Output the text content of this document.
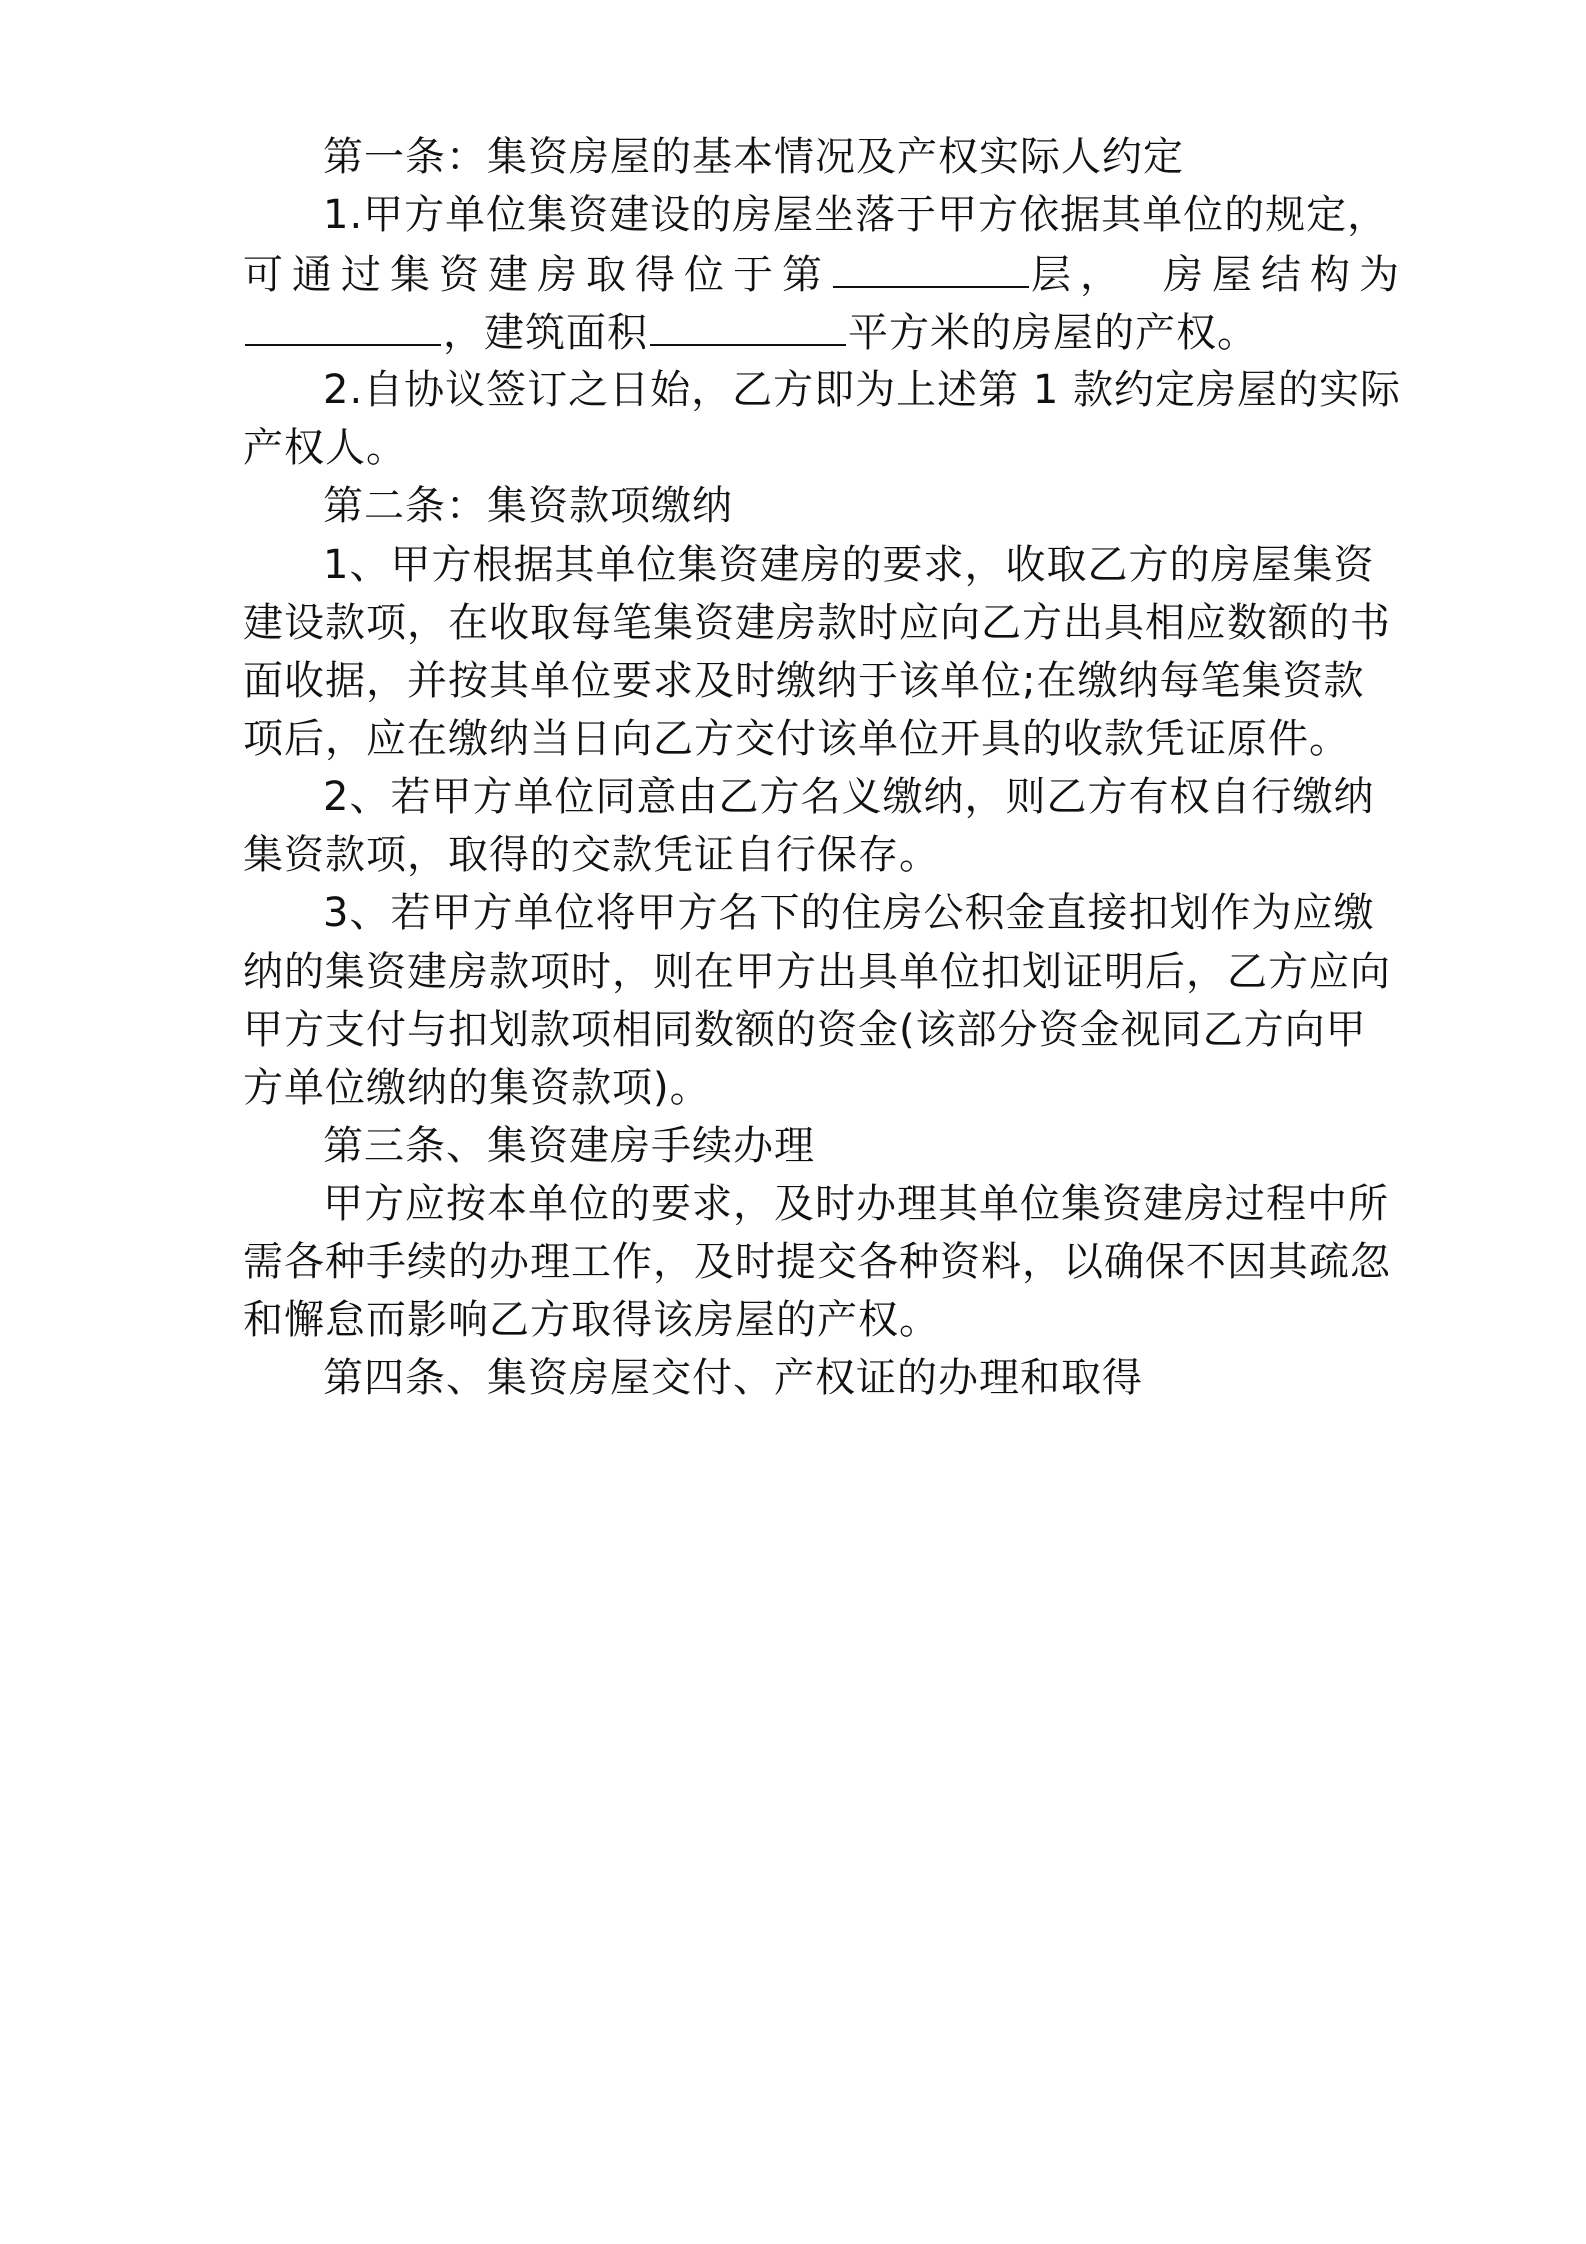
第一条：集资房屋的基本情况及产权实际人约定
1.甲方单位集资建设的房屋坐落于甲方依据其单位的规定，
可通过集资建房取得位于第	层， 房屋结构为
，建筑面积	平方米的房屋的产权。
2.自协议签订之日始，乙方即为上述第 1 款约定房屋的实际
产权人。
第二条：集资款项缴纳
1、甲方根据其单位集资建房的要求，收取乙方的房屋集资
建设款项，在收取每笔集资建房款时应向乙方出具相应数额的书
面收据，并按其单位要求及时缴纳于该单位;在缴纳每笔集资款
项后，应在缴纳当日向乙方交付该单位开具的收款凭证原件。
2、若甲方单位同意由乙方名义缴纳，则乙方有权自行缴纳
集资款项，取得的交款凭证自行保存。
3、若甲方单位将甲方名下的住房公积金直接扣划作为应缴
纳的集资建房款项时，则在甲方出具单位扣划证明后，乙方应向
甲方支付与扣划款项相同数额的资金(该部分资金视同乙方向甲
方单位缴纳的集资款项)。
第三条、集资建房手续办理
甲方应按本单位的要求，及时办理其单位集资建房过程中所
需各种手续的办理工作，及时提交各种资料，以确保不因其疏忽
和懈怠而影响乙方取得该房屋的产权。
第四条、集资房屋交付、产权证的办理和取得
